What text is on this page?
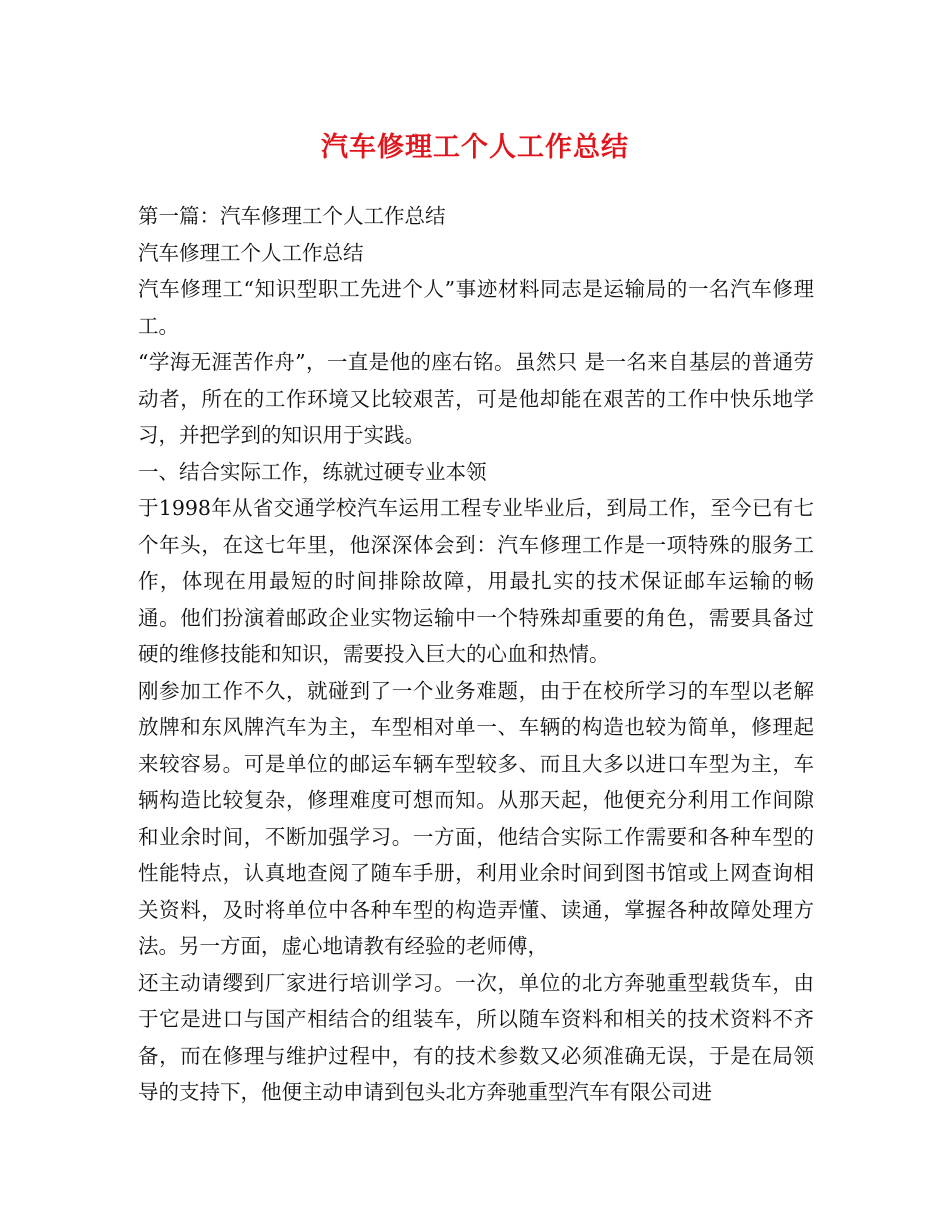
汽车修理工个人工作总结

第一篇：汽车修理工个人工作总结

汽车修理工个人工作总结

汽车修理工“知识型职工先进个人”事迹材料同志是运输局的一名汽车修理工。

“学海无涯苦作舟”，一直是他的座右铭。虽然只 是一名来自基层的普通劳动者，所在的工作环境又比较艰苦，可是他却能在艰苦的工作中快乐地学习，并把学到的知识用于实践。

一、结合实际工作，练就过硬专业本领

于1998年从省交通学校汽车运用工程专业毕业后，到局工作，至今已有七个年头，在这七年里，他深深体会到：汽车修理工作是一项特殊的服务工作，体现在用最短的时间排除故障，用最扎实的技术保证邮车运输的畅通。他们扮演着邮政企业实物运输中一个特殊却重要的角色，需要具备过硬的维修技能和知识，需要投入巨大的心血和热情。

刚参加工作不久，就碰到了一个业务难题，由于在校所学习的车型以老解放牌和东风牌汽车为主，车型相对单一、车辆的构造也较为简单，修理起来较容易。可是单位的邮运车辆车型较多、而且大多以进口车型为主，车辆构造比较复杂，修理难度可想而知。从那天起，他便充分利用工作间隙和业余时间，不断加强学习。一方面，他结合实际工作需要和各种车型的性能特点，认真地查阅了随车手册，利用业余时间到图书馆或上网查询相关资料，及时将单位中各种车型的构造弄懂、读通，掌握各种故障处理方法。另一方面，虚心地请教有经验的老师傅，

还主动请缨到厂家进行培训学习。一次，单位的北方奔驰重型载货车，由于它是进口与国产相结合的组装车，所以随车资料和相关的技术资料不齐备，而在修理与维护过程中，有的技术参数又必须准确无误，于是在局领导的支持下，他便主动申请到包头北方奔驰重型汽车有限公司进
